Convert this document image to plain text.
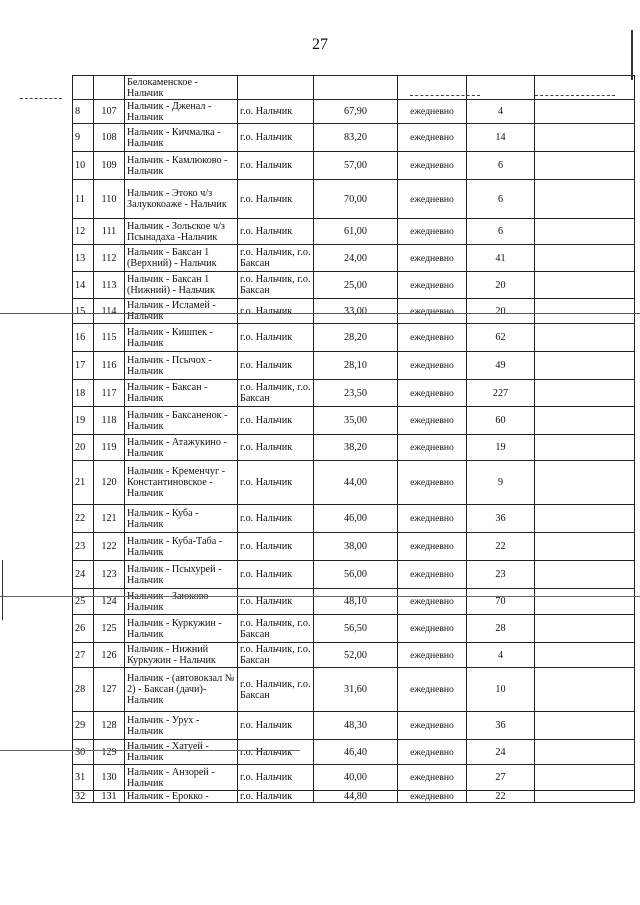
27
		Белокаменское - Нальчик					
8	107	Нальчик - Дженал - Нальчик	г.о. Нальчик	67,90	ежедневно	4	
9	108	Нальчик - Кичмалка - Нальчик	г.о. Нальчик	83,20	ежедневно	14	
10	109	Нальчик - Камлюково - Нальчик	г.о. Нальчик	57,00	ежедневно	6	
11	110	Нальчик - Этоко ч/з Залукокоаже - Нальчик	г.о. Нальчик	70,00	ежедневно	6	
12	111	Нальчик - Зольское ч/з Псынадаха -Нальчик	г.о. Нальчик	61,00	ежедневно	6	
13	112	Нальчик - Баксан 1 (Верхний) - Нальчик	г.о. Нальчик, г.о. Баксан	24,00	ежедневно	41	
14	113	Нальчик - Баксан 1 (Нижний) - Нальчик	г.о. Нальчик, г.о. Баксан	25,00	ежедневно	20	
15	114	Нальчик - Исламей - Нальчик	г.о. Нальчик	33,00	ежедневно	20	
16	115	Нальчик - Кишпек - Нальчик	г.о. Нальчик	28,20	ежедневно	62	
17	116	Нальчик - Псычох - Нальчик	г.о. Нальчик	28,10	ежедневно	49	
18	117	Нальчик - Баксан - Нальчик	г.о. Нальчик, г.о. Баксан	23,50	ежедневно	227	
19	118	Нальчик - Баксаненок - Нальчик	г.о. Нальчик	35,00	ежедневно	60	
20	119	Нальчик - Атажукино - Нальчик	г.о. Нальчик	38,20	ежедневно	19	
21	120	Нальчик - Кременчуг - Константиновское - Нальчик	г.о. Нальчик	44,00	ежедневно	9	
22	121	Нальчик - Куба - Нальчик	г.о. Нальчик	46,00	ежедневно	36	
23	122	Нальчик - Куба-Таба - Нальчик	г.о. Нальчик	38,00	ежедневно	22	
24	123	Нальчик - Псыхурей - Нальчик	г.о. Нальчик	56,00	ежедневно	23	
25	124	Нальчик - Заюково - Нальчик	г.о. Нальчик	48,10	ежедневно	70	
26	125	Нальчик - Куркужин - Нальчик	г.о. Нальчик, г.о. Баксан	56,50	ежедневно	28	
27	126	Нальчик - Нижний Куркужин - Нальчик	г.о. Нальчик, г.о. Баксан	52,00	ежедневно	4	
28	127	Нальчик - (автовокзал № 2) - Баксан (дачи)- Нальчик	г.о. Нальчик, г.о. Баксан	31,60	ежедневно	10	
29	128	Нальчик - Урух - Нальчик	г.о. Нальчик	48,30	ежедневно	36	
30	129	Нальчик - Хатуей - Нальчик	г.о. Нальчик	46,40	ежедневно	24	
31	130	Нальчик - Анзорей - Нальчик	г.о. Нальчик	40,00	ежедневно	27	
32	131	Нальчик - Ерокко -	г.о. Нальчик	44,80	ежедневно	22	
